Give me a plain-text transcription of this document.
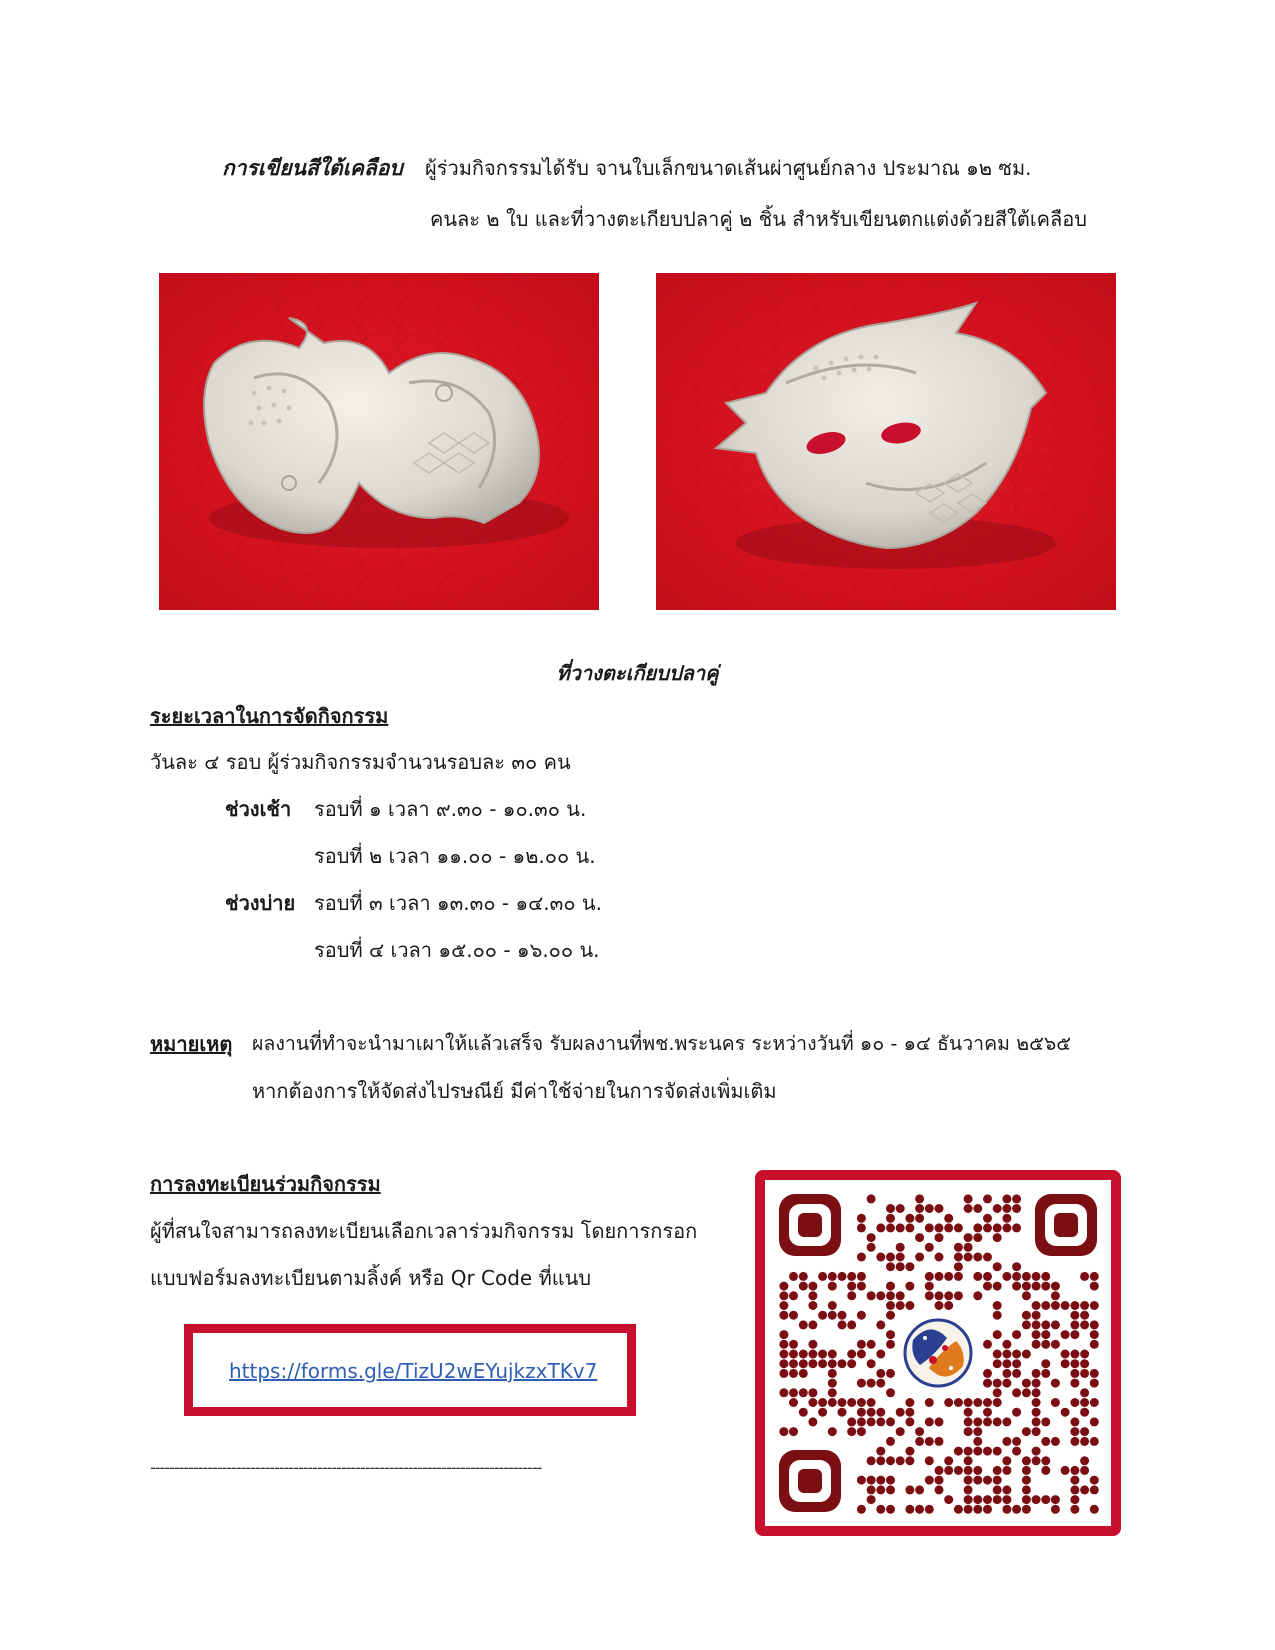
การเขียนสีใต้เคลือบ ผู้ร่วมกิจกรรมได้รับ จานใบเล็กขนาดเส้นผ่าศูนย์กลาง ประมาณ ๑๒ ซม.
คนละ ๒ ใบ และที่วางตะเกียบปลาคู่ ๒ ชิ้น สำหรับเขียนตกแต่งด้วยสีใต้เคลือบ
ที่วางตะเกียบปลาคู่
ระยะเวลาในการจัดกิจกรรม
วันละ ๔ รอบ ผู้ร่วมกิจกรรมจำนวนรอบละ ๓๐ คน
ช่วงเช้า รอบที่ ๑ เวลา ๙.๓๐ - ๑๐.๓๐ น.
รอบที่ ๒ เวลา ๑๑.๐๐ - ๑๒.๐๐ น.
ช่วงบ่าย รอบที่ ๓ เวลา ๑๓.๓๐ - ๑๔.๓๐ น.
รอบที่ ๔ เวลา ๑๕.๐๐ - ๑๖.๐๐ น.
หมายเหตุ ผลงานที่ทำจะนำมาเผาให้แล้วเสร็จ รับผลงานที่พช.พระนคร ระหว่างวันที่ ๑๐ - ๑๔ ธันวาคม ๒๕๖๕
หากต้องการให้จัดส่งไปรษณีย์ มีค่าใช้จ่ายในการจัดส่งเพิ่มเติม
การลงทะเบียนร่วมกิจกรรม
ผู้ที่สนใจสามารถลงทะเบียนเลือกเวลาร่วมกิจกรรม โดยการกรอก
แบบฟอร์มลงทะเบียนตามลิ้งค์ หรือ Qr Code ที่แนบ
https://forms.gle/TizU2wEYujkzxTKv7
----------------------------------------------------------------------------------
